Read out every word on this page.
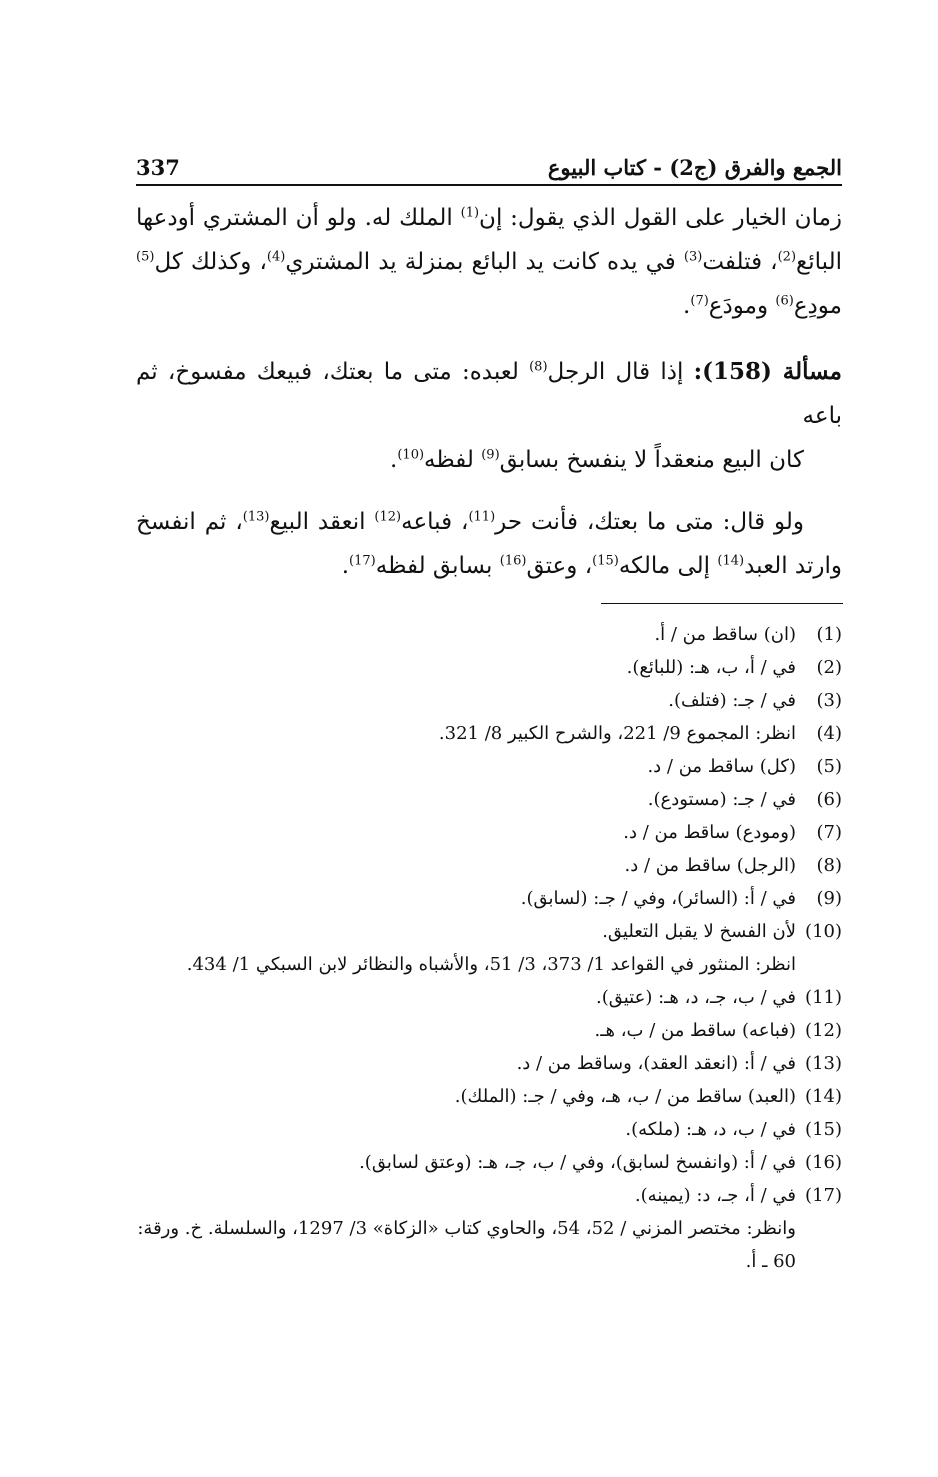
الجمع والفرق (ج2) - كتاب البيوع
337

زمان الخيار على القول الذي يقول: إن$^{(1)}$ الملك له. ولو أن المشتري أودعها البائع$^{(2)}$، فتلفت$^{(3)}$ في يده كانت يد البائع بمنزلة يد المشتري$^{(4)}$، وكذلك كل$^{(5)}$ مودِع$^{(6)}$ ومودَع$^{(7)}$.

مسألة (158): إذا قال الرجل$^{(8)}$ لعبده: متى ما بعتك، فبيعك مفسوخ، ثم باعه
كان البيع منعقداً لا ينفسخ بسابق$^{(9)}$ لفظه$^{(10)}$.

ولو قال: متى ما بعتك، فأنت حر$^{(11)}$، فباعه$^{(12)}$ انعقد البيع$^{(13)}$، ثم انفسخ وارتد العبد$^{(14)}$ إلى مالكه$^{(15)}$، وعتق$^{(16)}$ بسابق لفظه$^{(17)}$.

(1)
(ان) ساقط من / أ.
(2)
في / أ، ب، هـ: (للبائع).
(3)
في / جـ: (فتلف).
(4)
انظر: المجموع 9/ 221، والشرح الكبير 8/ 321.
(5)
(كل) ساقط من / د.
(6)
في / جـ: (مستودع).
(7)
(ومودع) ساقط من / د.
(8)
(الرجل) ساقط من / د.
(9)
في / أ: (السائر)، وفي / جـ: (لسابق).
(10)
لأن الفسخ لا يقبل التعليق.
انظر: المنثور في القواعد 1/ 373، 3/ 51، والأشباه والنظائر لابن السبكي 1/ 434.
(11)
في / ب، جـ، د، هـ: (عتيق).
(12)
(فباعه) ساقط من / ب، هـ.
(13)
في / أ: (انعقد العقد)، وساقط من / د.
(14)
(العبد) ساقط من / ب، هـ، وفي / جـ: (الملك).
(15)
في / ب، د، هـ: (ملكه).
(16)
في / أ: (وانفسخ لسابق)، وفي / ب، جـ، هـ: (وعتق لسابق).
(17)
في / أ، جـ، د: (يمينه).
وانظر: مختصر المزني / 52، 54، والحاوي كتاب «الزكاة» 3/ 1297، والسلسلة. خ. ورقة: 60 ـ أ.
